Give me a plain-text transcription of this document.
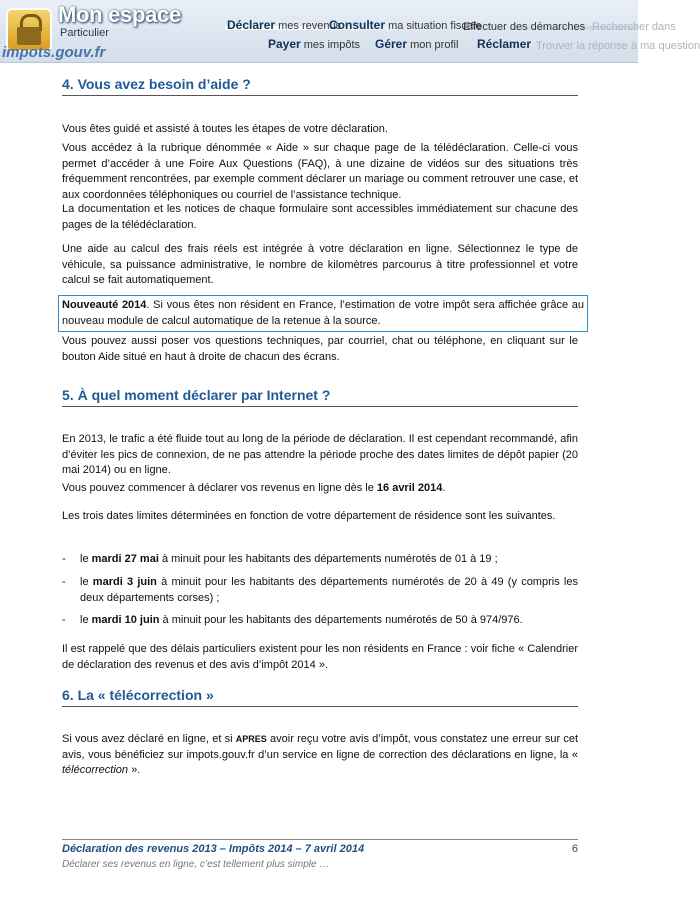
Mon espace
Particulier
impots.gouv.fr
Déclarer mes revenus
Consulter ma situation fiscale
Effectuer des démarches Rechercher dans
Payer mes impôts Gérer mon profil Réclamer Trouver la réponse à ma question
4. Vous avez besoin d’aide ?
Vous êtes guidé et assisté à toutes les étapes de votre déclaration.
Vous accédez à la rubrique dénommée « Aide » sur chaque page de la télédéclaration. Celle-ci vous permet d’accéder à une Foire Aux Questions (FAQ), à une dizaine de vidéos sur des situations très fréquemment rencontrées, par exemple comment déclarer un mariage ou comment retrouver une case, et aux coordonnées téléphoniques ou courriel de l’assistance technique.
La documentation et les notices de chaque formulaire sont accessibles immédiatement sur chacune des pages de la télédéclaration.
Une aide au calcul des frais réels est intégrée à votre déclaration en ligne. Sélectionnez le type de véhicule, sa puissance administrative, le nombre de kilomètres parcourus à titre professionnel et votre calcul se fait automatiquement.
Nouveauté 2014. Si vous êtes non résident en France, l’estimation de votre impôt sera affichée grâce au nouveau module de calcul automatique de la retenue à la source.
Vous pouvez aussi poser vos questions techniques, par courriel, chat ou téléphone, en cliquant sur le bouton Aide situé en haut à droite de chacun des écrans.
5. À quel moment déclarer par Internet ?
En 2013, le trafic a été fluide tout au long de la période de déclaration. Il est cependant recommandé, afin d’éviter les pics de connexion, de ne pas attendre la période proche des dates limites de dépôt papier (20 mai 2014) ou en ligne.
Vous pouvez commencer à déclarer vos revenus en ligne dès le 16 avril 2014.
Les trois dates limites déterminées en fonction de votre département de résidence sont les suivantes.
- le mardi 27 mai à minuit pour les habitants des départements numérotés de 01 à 19 ;
- le mardi 3 juin à minuit pour les habitants des départements numérotés de 20 à 49 (y compris les deux départements corses) ;
- le mardi 10 juin à minuit pour les habitants des départements numérotés de 50 à 974/976.
Il est rappelé que des délais particuliers existent pour les non résidents en France : voir fiche « Calendrier de déclaration des revenus et des avis d’impôt 2014 ».
6. La « télécorrection »
Si vous avez déclaré en ligne, et si APRES avoir reçu votre avis d’impôt, vous constatez une erreur sur cet avis, vous bénéficiez sur impots.gouv.fr d’un service en ligne de correction des déclarations en ligne, la « télécorrection ».
Déclaration des revenus 2013 – Impôts 2014 – 7 avril 2014	6
Déclarer ses revenus en ligne, c’est tellement plus simple …
